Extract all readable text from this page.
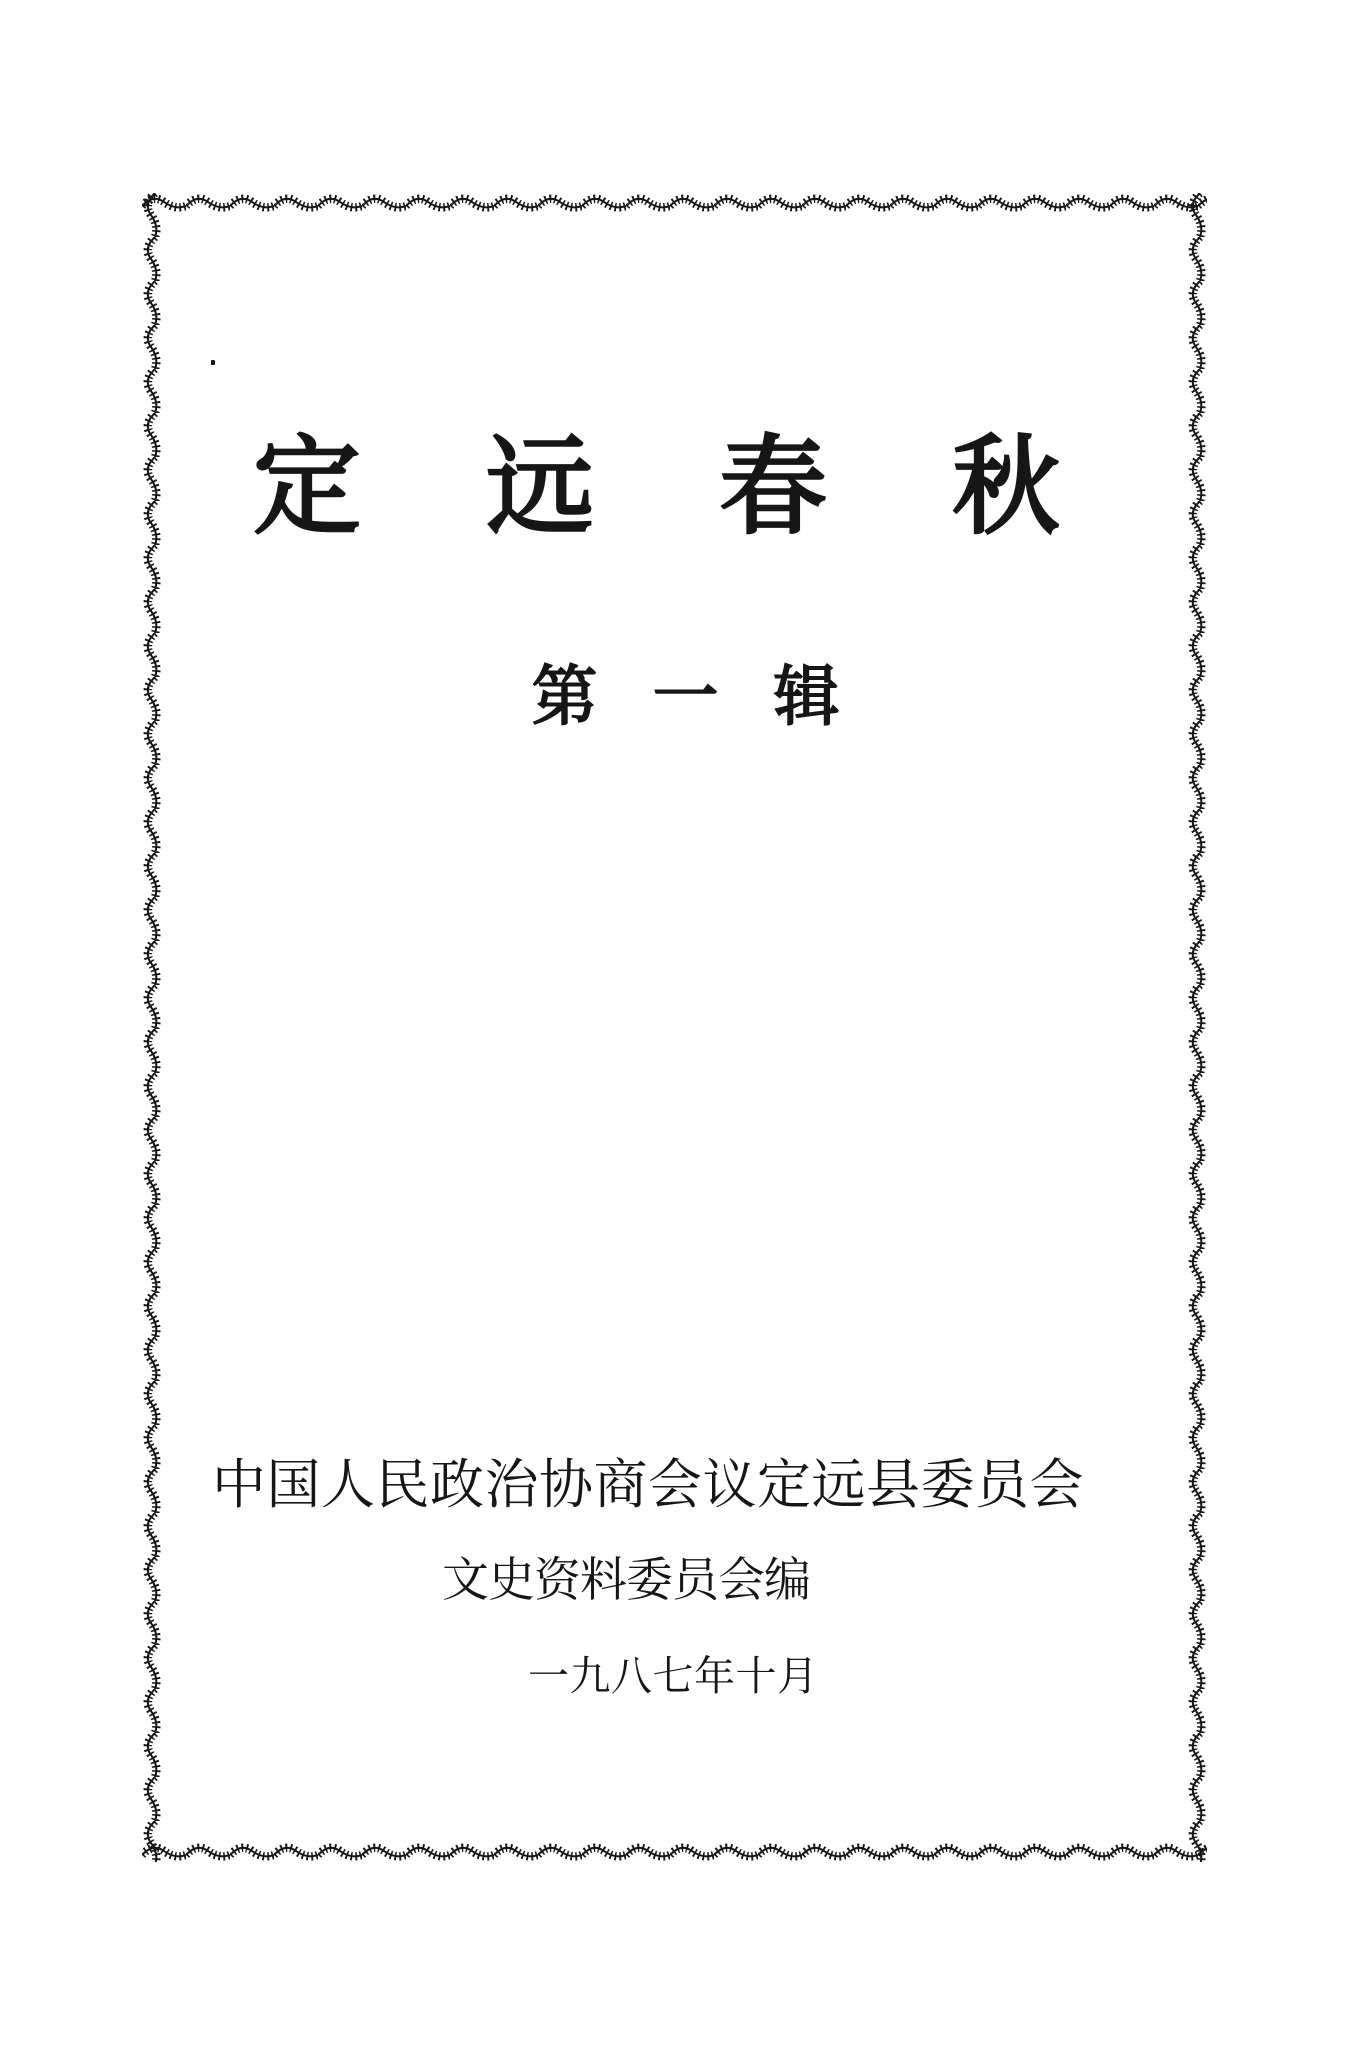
定 远 春 秋
第 一 辑
中国人民政治协商会议定远县委员会
文史资料委员会编
一九八七年十月
